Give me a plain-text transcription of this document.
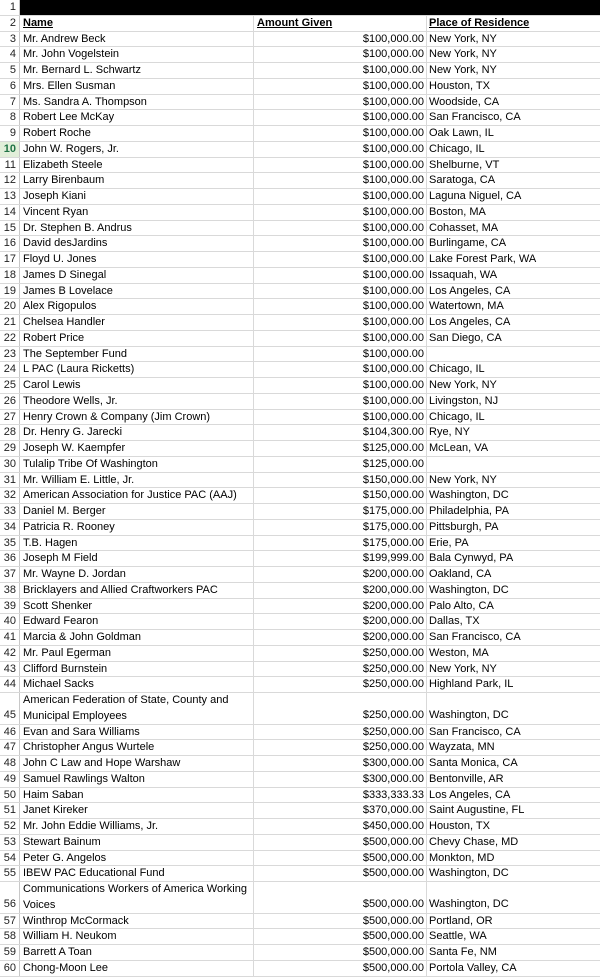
1
2 Name	Amount Given	Place of Residence
3 Mr. Andrew Beck	$100,000.00 New York, NY
4 Mr. John Vogelstein	$100,000.00 New York, NY
5 Mr. Bernard L. Schwartz	$100,000.00 New York, NY
6 Mrs. Ellen Susman	$100,000.00 Houston, TX
7 Ms. Sandra A. Thompson	$100,000.00 Woodside, CA
8 Robert Lee McKay	$100,000.00 San Francisco, CA
9 Robert Roche	$100,000.00 Oak Lawn, IL
10 John W. Rogers, Jr.	$100,000.00 Chicago, IL
11 Elizabeth Steele	$100,000.00 Shelburne, VT
12 Larry Birenbaum	$100,000.00 Saratoga, CA
13 Joseph Kiani	$100,000.00 Laguna Niguel, CA
14 Vincent Ryan	$100,000.00 Boston, MA
15 Dr. Stephen B. Andrus	$100,000.00 Cohasset, MA
16 David desJardins	$100,000.00 Burlingame, CA
17 Floyd U. Jones	$100,000.00 Lake Forest Park, WA
18 James D Sinegal	$100,000.00 Issaquah, WA
19 James B Lovelace	$100,000.00 Los Angeles, CA
20 Alex Rigopulos	$100,000.00 Watertown, MA
21 Chelsea Handler	$100,000.00 Los Angeles, CA
22 Robert Price	$100,000.00 San Diego, CA
23 The September Fund	$100,000.00
24 L PAC (Laura Ricketts)	$100,000.00 Chicago, IL
25 Carol Lewis	$100,000.00 New York, NY
26 Theodore Wells, Jr.	$100,000.00 Livingston, NJ
27 Henry Crown & Company (Jim Crown)	$100,000.00 Chicago, IL
28 Dr. Henry G. Jarecki	$104,300.00 Rye, NY
29 Joseph W. Kaempfer	$125,000.00 McLean, VA
30 Tulalip Tribe Of Washington	$125,000.00
31 Mr. William E. Little, Jr.	$150,000.00 New York, NY
32 American Association for Justice PAC (AAJ)	$150,000.00 Washington, DC
33 Daniel M. Berger	$175,000.00 Philadelphia, PA
34 Patricia R. Rooney	$175,000.00 Pittsburgh, PA
35 T.B. Hagen	$175,000.00 Erie, PA
36 Joseph M Field	$199,999.00 Bala Cynwyd, PA
37 Mr. Wayne D. Jordan	$200,000.00 Oakland, CA
38 Bricklayers and Allied Craftworkers PAC	$200,000.00 Washington, DC
39 Scott Shenker	$200,000.00 Palo Alto, CA
40 Edward Fearon	$200,000.00 Dallas, TX
41 Marcia & John Goldman	$200,000.00 San Francisco, CA
42 Mr. Paul Egerman	$250,000.00 Weston, MA
43 Clifford Burnstein	$250,000.00 New York, NY
44 Michael Sacks	$250,000.00 Highland Park, IL
45
American Federation of State, County and Municipal Employees	$250,000.00 Washington, DC
46 Evan and Sara Williams	$250,000.00 San Francisco, CA
47 Christopher Angus Wurtele	$250,000.00 Wayzata, MN
48 John C Law and Hope Warshaw	$300,000.00 Santa Monica, CA
49 Samuel Rawlings Walton	$300,000.00 Bentonville, AR
50 Haim Saban	$333,333.33 Los Angeles, CA
51 Janet Kireker	$370,000.00 Saint Augustine, FL
52 Mr. John Eddie Williams, Jr.	$450,000.00 Houston, TX
53 Stewart Bainum	$500,000.00 Chevy Chase, MD
54 Peter G. Angelos	$500,000.00 Monkton, MD
55 IBEW PAC Educational Fund	$500,000.00 Washington, DC
56
Communications Workers of America Working Voices	$500,000.00 Washington, DC
57 Winthrop McCormack	$500,000.00 Portland, OR
58 William H. Neukom	$500,000.00 Seattle, WA
59 Barrett A Toan	$500,000.00 Santa Fe, NM
60 Chong-Moon Lee	$500,000.00 Portola Valley, CA
